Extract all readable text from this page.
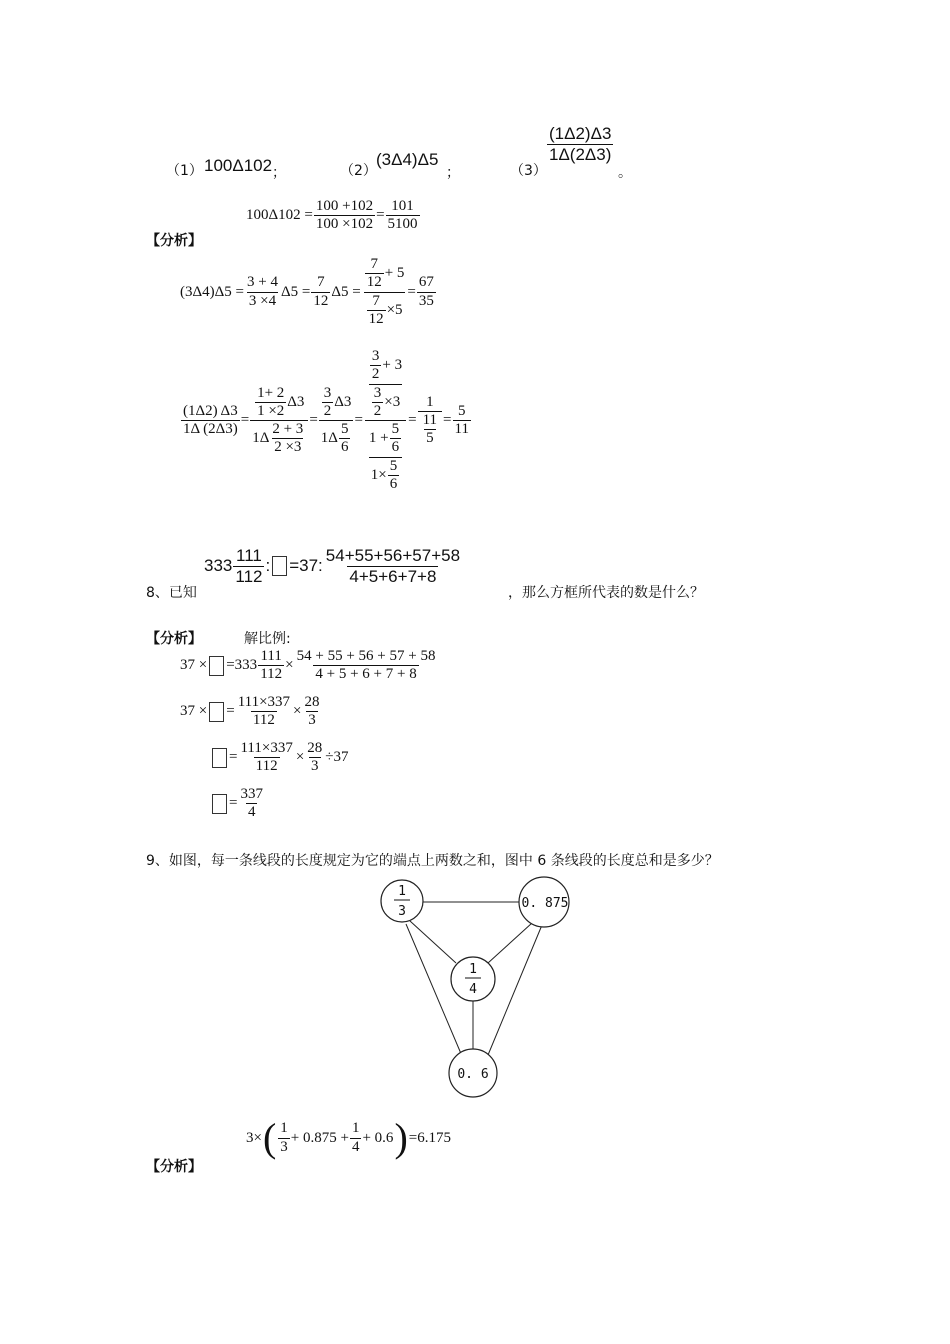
（1） 100Δ102 ；	（2）
(3Δ4)Δ5
；	（3）
$\frac{(1\Delta 2)\Delta 3}{1\Delta(2\Delta 3)}$
。
【分析】
$100\Delta 102 = \frac{100 +102}{100 \times 102} = \frac{101}{5100}$
$(3\Delta 4)\Delta 5 = \frac{3 + 4}{3 \times 4} \Delta 5 = \frac{7}{12} \Delta 5 = \frac{\frac{7}{12} + 5}{\frac{7}{12} \times 5} = \frac{67}{35}$
$\frac{(1\Delta 2) \Delta 3}{1\Delta (2\Delta 3)} = \frac{\frac{1+ 2}{1 \times 2} \Delta 3}{1\Delta \frac{2 + 3}{2 \times 3}} = \frac{\frac{3}{2} \Delta 3}{1\Delta \frac{5}{6}} = \frac{\frac{\frac{3}{2} + 3}{\frac{3}{2} \times 3}}{\frac{1 + \frac{5}{6}}{1\times \frac{5}{6}}} = \frac{1}{\frac{11}{5}} = \frac{5}{11}$
8、已知
$333 \frac{111}{112}$ : =37: $\frac{54+55+56+57+58}{4+5+6+7+8}$
，那么方框所代表的数是什么？
【分析】	解比例:
$37 \times =333 \frac{111}{112} \times \frac{54 + 55 + 56 + 57 + 58}{4 + 5 + 6 + 7 + 8}$
37 × = $\frac{111\times 337}{112} \times \frac{28}{3}$
= $\frac{111\times 337}{112} \times \frac{28}{3} \div 37$
= $\frac{337}{4}$
9、如图，每一条线段的长度规定为它的端点上两数之和，图中 6 条线段的长度总和是多少？
1
3
0. 875
1
4
0. 6
【分析】
3× ( $\frac{1}{3} + 0.875 + \frac{1}{4} + 0.6$ ) =6.175
